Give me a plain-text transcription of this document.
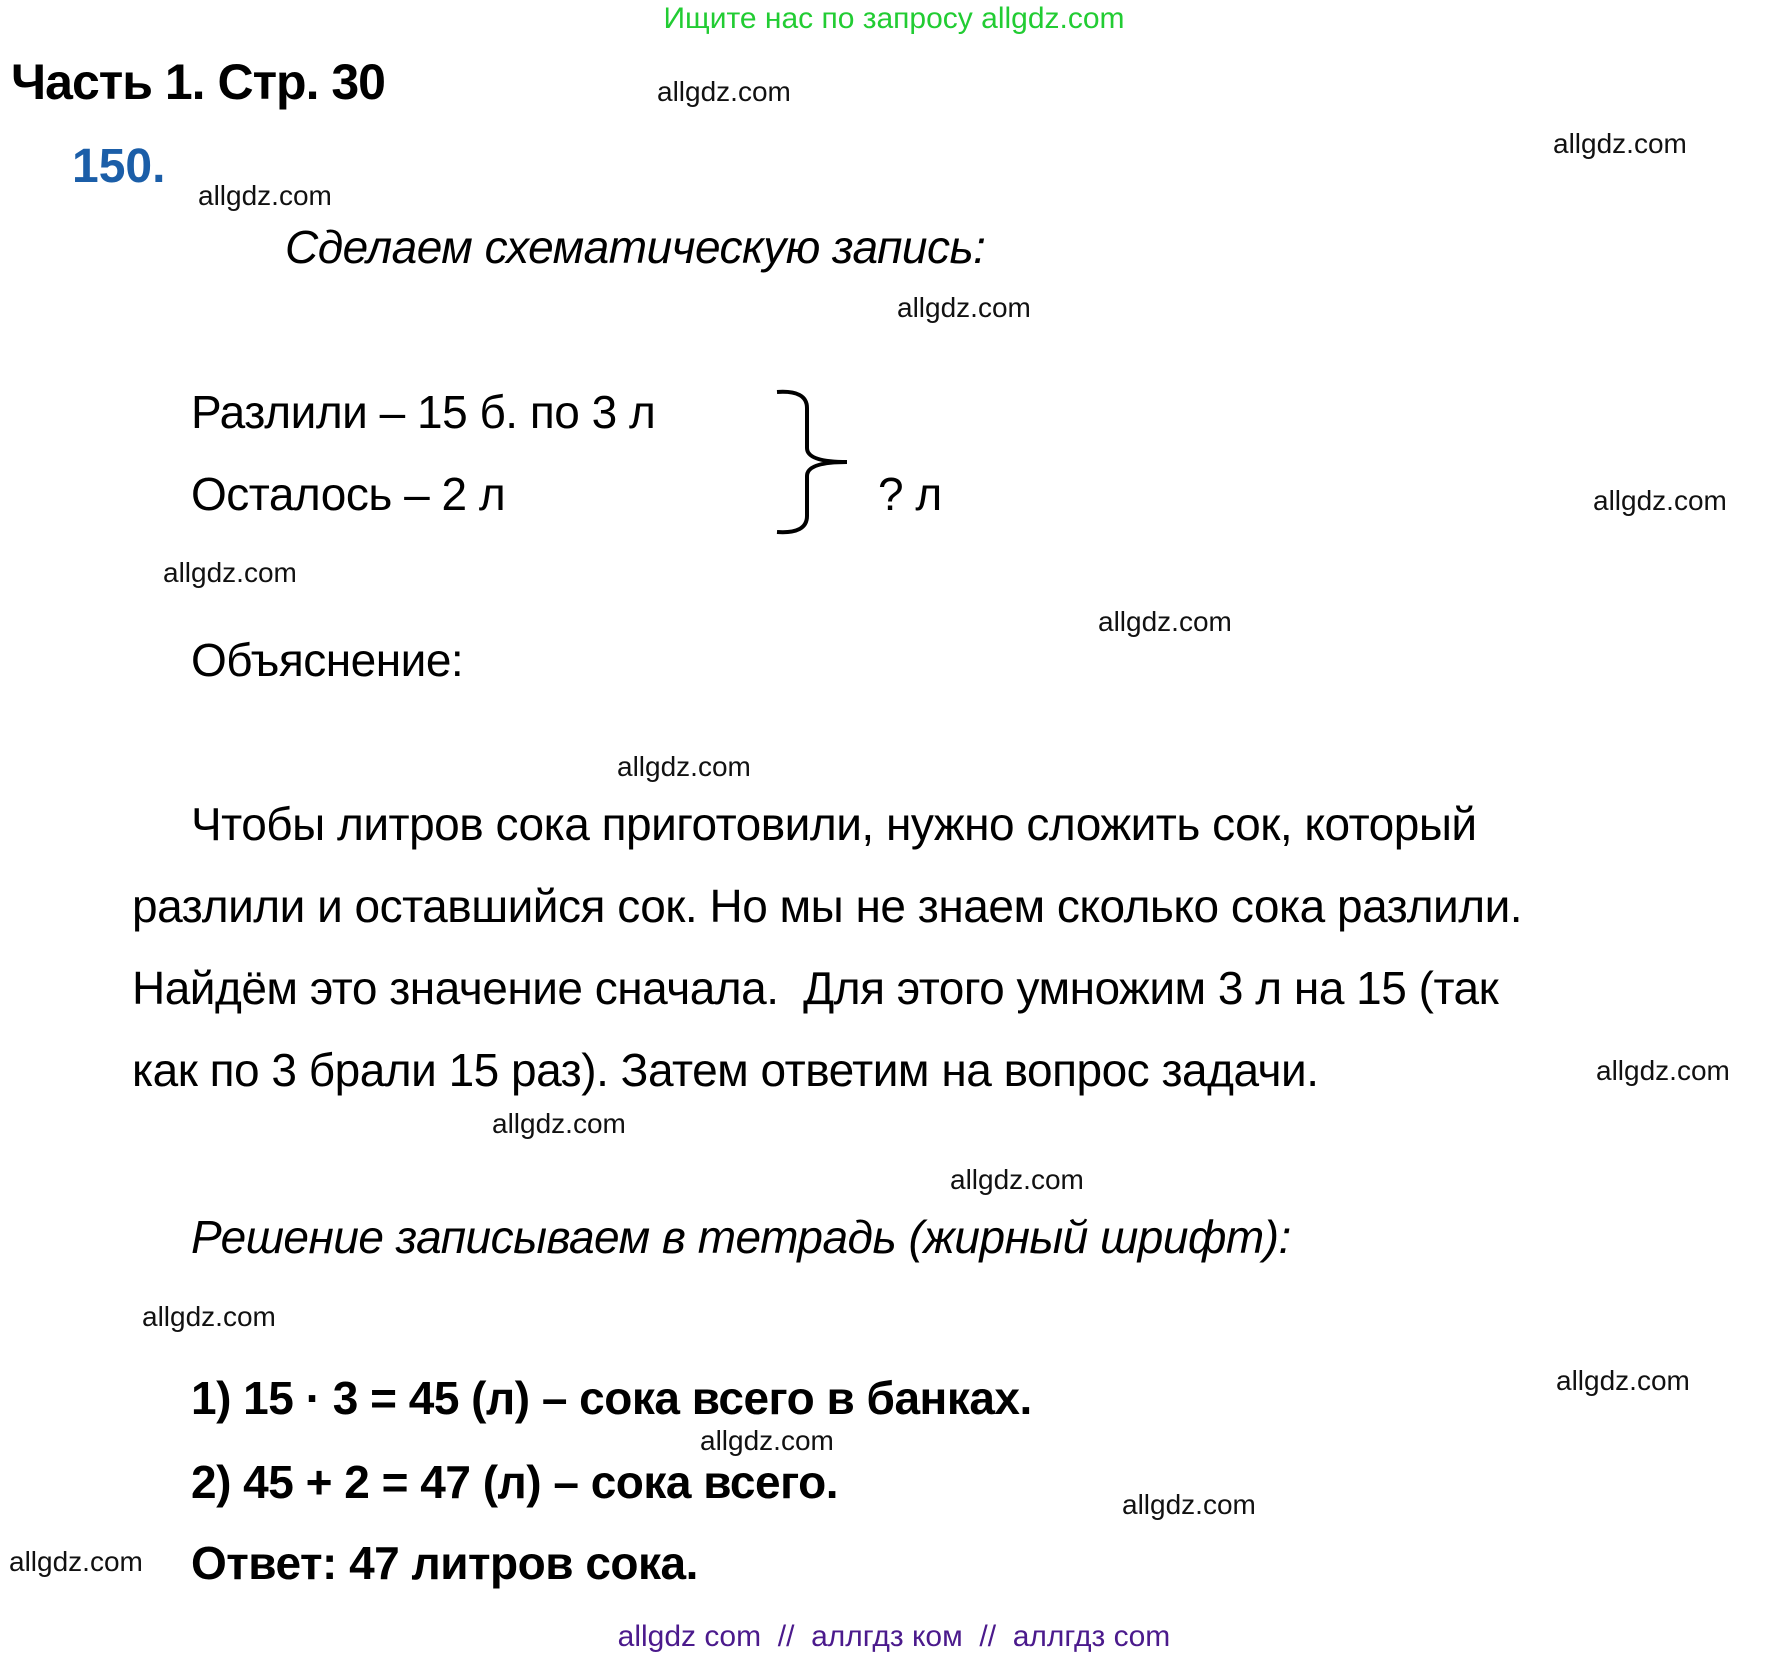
Ищите нас по запросу allgdz.com
Часть 1. Стр. 30
150.
Сделаем схематическую запись:
Разлили – 15 б. по 3 л
Осталось – 2 л	? л
Объяснение:
Чтобы литров сока приготовили, нужно сложить сок, который
разлили и оставшийся сок. Но мы не знаем сколько сока разлили.
Найдём это значение сначала.  Для этого умножим 3 л на 15 (так
как по 3 брали 15 раз). Затем ответим на вопрос задачи.
Решение записываем в тетрадь (жирный шрифт):
1) 15 · 3 = 45 (л) – сока всего в банках.
2) 45 + 2 = 47 (л) – сока всего.
Ответ: 47 литров сока.
allgdz.com
allgdz.com
allgdz.com
allgdz.com
allgdz.com
allgdz.com
allgdz.com
allgdz.com
allgdz.com
allgdz.com
allgdz.com
allgdz.com
allgdz.com
allgdz.com
allgdz.com
allgdz.com
allgdz com  //  аллгдз ком  //  аллгдз com
